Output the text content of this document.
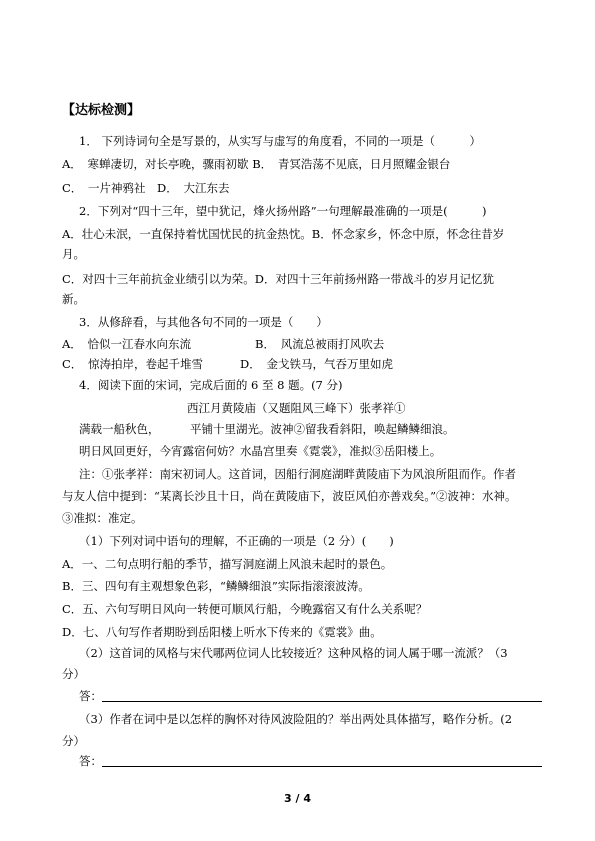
【达标检测】
1． 下列诗词句全是写景的，从实写与虚写的角度看，不同的一项是（　　　）
A．　寒蝉凄切，对长亭晚，骤雨初歇 B．　青冥浩荡不见底，日月照耀金银台
C．　一片神鸦社　D．　大江东去
2．下列对“四十三年，望中犹记，烽火扬州路”一句理解最准确的一项是(　　　)
A．壮心未泯，一直保持着忧国忧民的抗金热忱。B．怀念家乡，怀念中原，怀念往昔岁
月。
C．对四十三年前抗金业绩引以为荣。D．对四十三年前扬州路一带战斗的岁月记忆犹
新。
3．从修辞看，与其他各句不同的一项是（　　）
A．　恰似一江春水向东流	B．　风流总被雨打风吹去
C．　惊涛拍岸，卷起千堆雪	D．　金戈铁马，气吞万里如虎
4．阅读下面的宋词，完成后面的 6 至 8 题。(7 分)
西江月黄陵庙（又题阻风三峰下）张孝祥①
满载一船秋色，	平铺十里湖光。波神②留我看斜阳，唤起鳞鳞细浪。
明日风回更好，今宵露宿何妨？水晶宫里奏《霓裳》，准拟③岳阳楼上。
注：①张孝祥：南宋初词人。这首词，因船行洞庭湖畔黄陵庙下为风浪所阻而作。作者
与友人信中提到：“某离长沙且十日，尚在黄陵庙下，波臣风伯亦善戏矣。”②波神：水神。
③准拟：准定。
（1）下列对词中语句的理解，不正确的一项是（2 分）(　　)
A．一、二句点明行船的季节，描写洞庭湖上风浪未起时的景色。
B．三、四句有主观想象色彩，“鳞鳞细浪”实际指滚滚波涛。
C．五、六句写明日风向一转便可顺风行船，今晚露宿又有什么关系呢？
D．七、八句写作者期盼到岳阳楼上听水下传来的《霓裳》曲。
（2）这首词的风格与宋代哪两位词人比较接近？这种风格的词人属于哪一流派？（3
分）
答：
（3）作者在词中是以怎样的胸怀对待风波险阻的？举出两处具体描写，略作分析。(2
分）
答：
3 / 4
